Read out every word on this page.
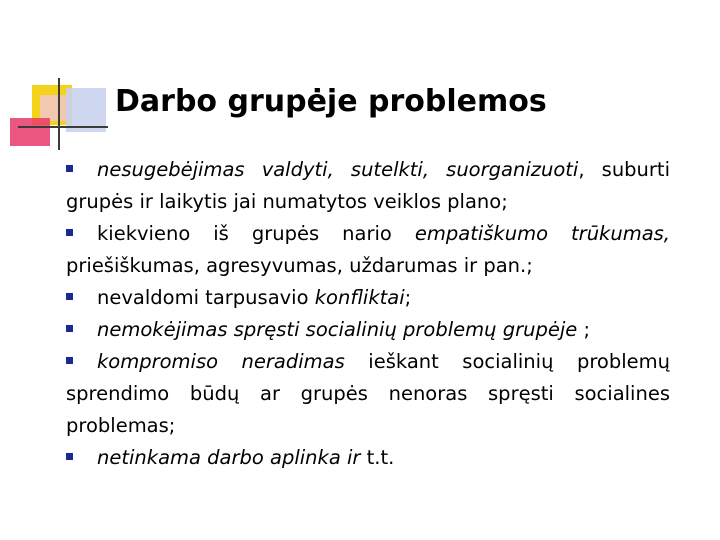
Darbo grupėje problemos

nesugebėjimas valdyti, sutelkti, suorganizuoti, suburti grupės ir laikytis jai numatytos veiklos plano;

kiekvieno iš grupės nario empatiškumo trūkumas, priešiškumas, agresyvumas, uždarumas ir pan.;

nevaldomi tarpusavio konfliktai;

nemokėjimas spręsti socialinių problemų grupėje ;

kompromiso neradimas ieškant socialinių problemų sprendimo būdų ar grupės nenoras spręsti socialines problemas;

netinkama darbo aplinka ir t.t.
